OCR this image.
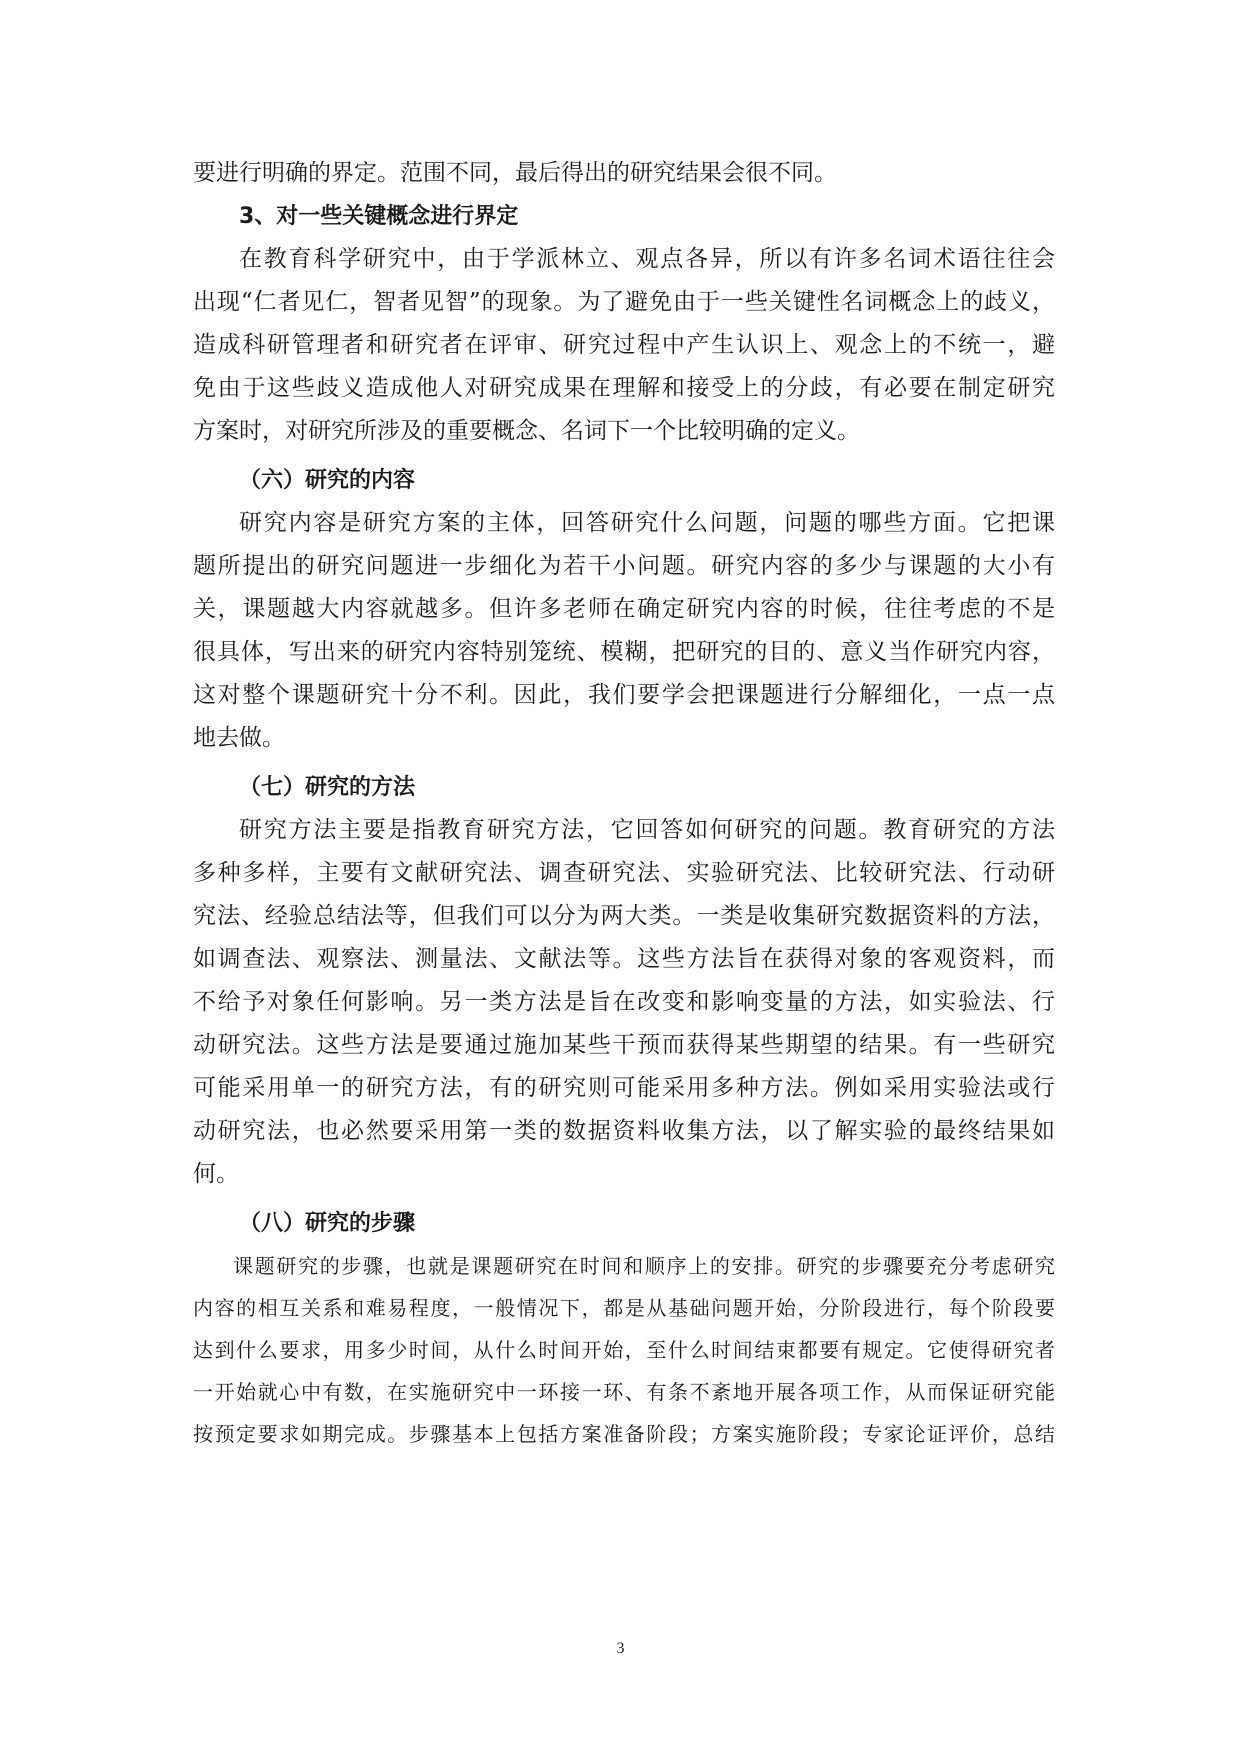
要进行明确的界定。范围不同，最后得出的研究结果会很不同。
3、对一些关键概念进行界定
在教育科学研究中，由于学派林立、观点各异，所以有许多名词术语往往会
出现“仁者见仁，智者见智”的现象。为了避免由于一些关键性名词概念上的歧义，
造成科研管理者和研究者在评审、研究过程中产生认识上、观念上的不统一，避
免由于这些歧义造成他人对研究成果在理解和接受上的分歧，有必要在制定研究
方案时，对研究所涉及的重要概念、名词下一个比较明确的定义。
（六）研究的内容
研究内容是研究方案的主体，回答研究什么问题，问题的哪些方面。它把课
题所提出的研究问题进一步细化为若干小问题。研究内容的多少与课题的大小有
关，课题越大内容就越多。但许多老师在确定研究内容的时候，往往考虑的不是
很具体，写出来的研究内容特别笼统、模糊，把研究的目的、意义当作研究内容，
这对整个课题研究十分不利。因此，我们要学会把课题进行分解细化，一点一点
地去做。
（七）研究的方法
研究方法主要是指教育研究方法，它回答如何研究的问题。教育研究的方法
多种多样，主要有文献研究法、调查研究法、实验研究法、比较研究法、行动研
究法、经验总结法等，但我们可以分为两大类。一类是收集研究数据资料的方法，
如调查法、观察法、测量法、文献法等。这些方法旨在获得对象的客观资料，而
不给予对象任何影响。另一类方法是旨在改变和影响变量的方法，如实验法、行
动研究法。这些方法是要通过施加某些干预而获得某些期望的结果。有一些研究
可能采用单一的研究方法，有的研究则可能采用多种方法。例如采用实验法或行
动研究法，也必然要采用第一类的数据资料收集方法，以了解实验的最终结果如
何。
（八）研究的步骤
课题研究的步骤，也就是课题研究在时间和顺序上的安排。研究的步骤要充分考虑研究
内容的相互关系和难易程度，一般情况下，都是从基础问题开始，分阶段进行，每个阶段要
达到什么要求，用多少时间，从什么时间开始，至什么时间结束都要有规定。它使得研究者
一开始就心中有数，在实施研究中一环接一环、有条不紊地开展各项工作，从而保证研究能
按预定要求如期完成。步骤基本上包括方案准备阶段；方案实施阶段；专家论证评价，总结
3
